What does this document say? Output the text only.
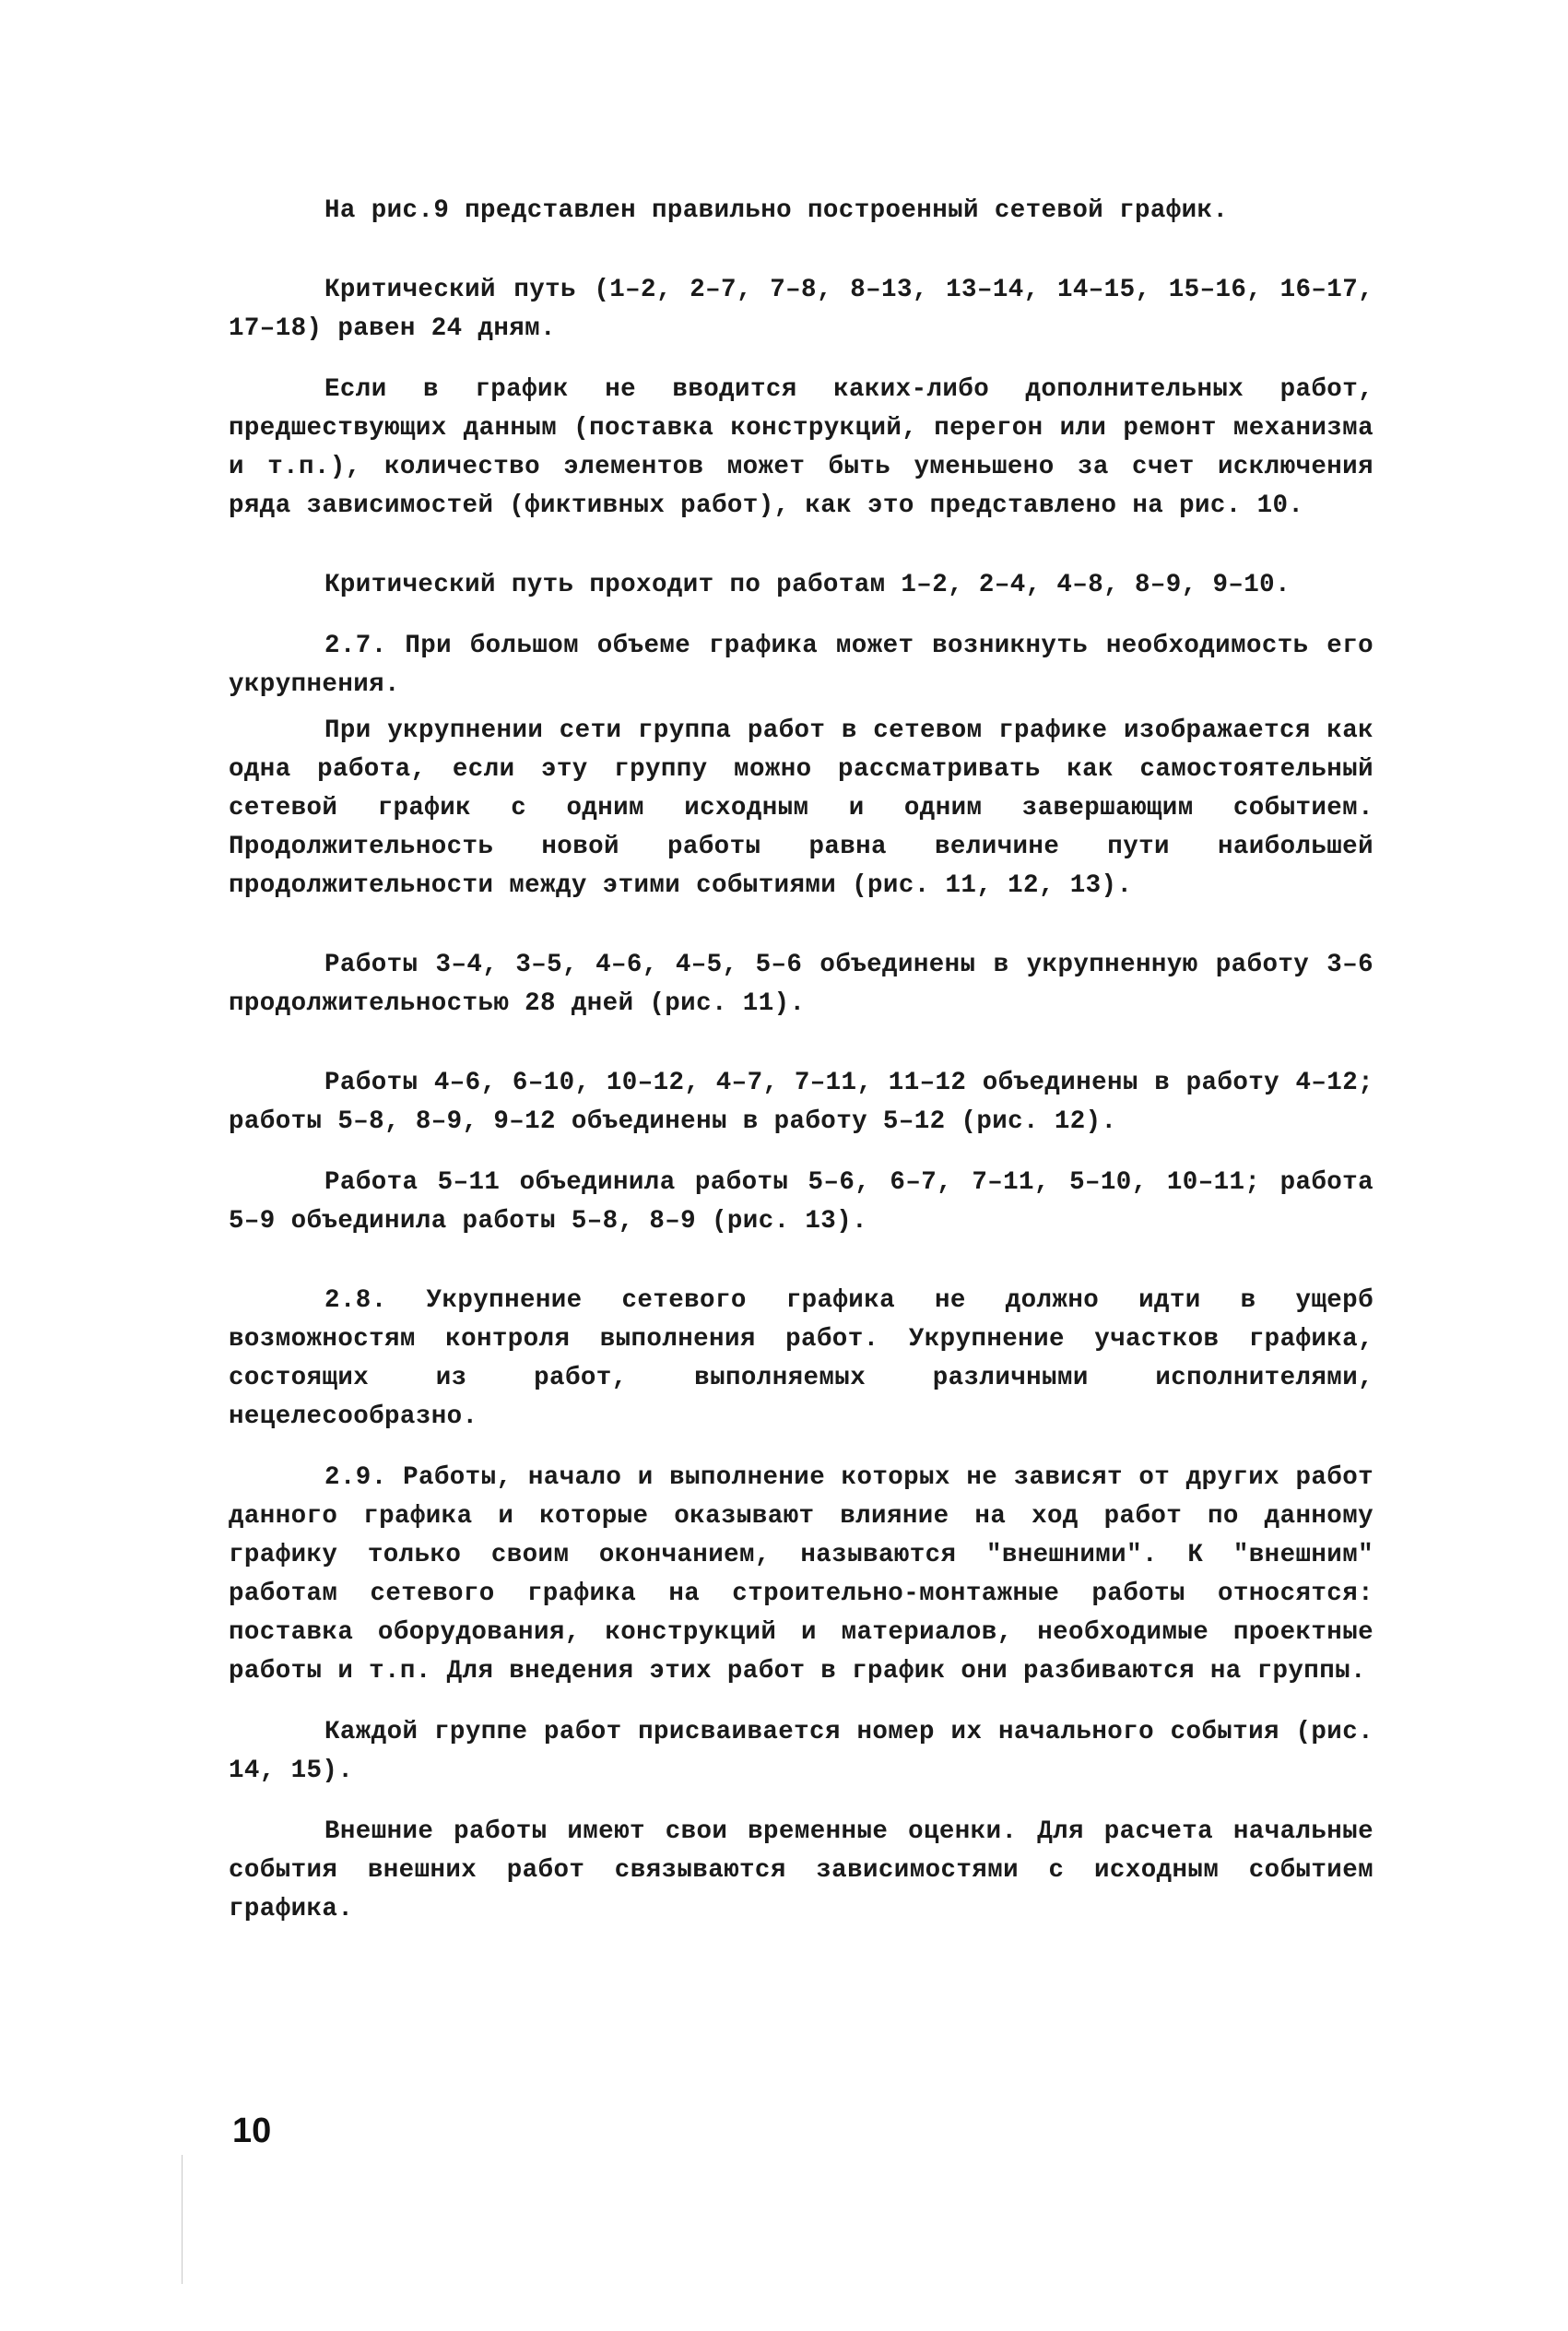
На рис.9 представлен правильно построенный сетевой график.

Критический путь (1–2, 2–7, 7–8, 8–13, 13–14, 14–15, 15–16, 16–17, 17–18) равен 24 дням.

Если в график не вводится каких-либо дополнительных работ, предшествующих данным (поставка конструкций, перегон или ремонт механизма и т.п.), количество элементов может быть уменьшено за счет исключения ряда зависимостей (фиктивных работ), как это представлено на рис. 10.

Критический путь проходит по работам 1–2, 2–4, 4–8, 8–9, 9–10.

2.7. При большом объеме графика может возникнуть необходимость его укрупнения.

При укрупнении сети группа работ в сетевом графике изображается как одна работа, если эту группу можно рассматривать как самостоятельный сетевой график с одним исходным и одним завершающим событием. Продолжительность новой работы равна величине пути наибольшей продолжительности между этими событиями (рис. 11, 12, 13).

Работы 3–4, 3–5, 4–6, 4–5, 5–6 объединены в укрупненную работу 3–6 продолжительностью 28 дней (рис. 11).

Работы 4–6, 6–10, 10–12, 4–7, 7–11, 11–12 объединены в работу 4–12; работы 5–8, 8–9, 9–12 объединены в работу 5–12 (рис. 12).

Работа 5–11 объединила работы 5–6, 6–7, 7–11, 5–10, 10–11; работа 5–9 объединила работы 5–8, 8–9 (рис. 13).

2.8. Укрупнение сетевого графика не должно идти в ущерб возможностям контроля выполнения работ. Укрупнение участков графика, состоящих из работ, выполняемых различными исполнителями, нецелесообразно.

2.9. Работы, начало и выполнение которых не зависят от других работ данного графика и которые оказывают влияние на ход работ по данному графику только своим окончанием, называются "внешними". К "внешним" работам сетевого графика на строительно-монтажные работы относятся: поставка оборудования, конструкций и материалов, необходимые проектные работы и т.п. Для внедения этих работ в график они разбиваются на группы.

Каждой группе работ присваивается номер их начального события (рис. 14, 15).

Внешние работы имеют свои временные оценки. Для расчета начальные события внешних работ связываются зависимостями с исходным событием графика.

10
